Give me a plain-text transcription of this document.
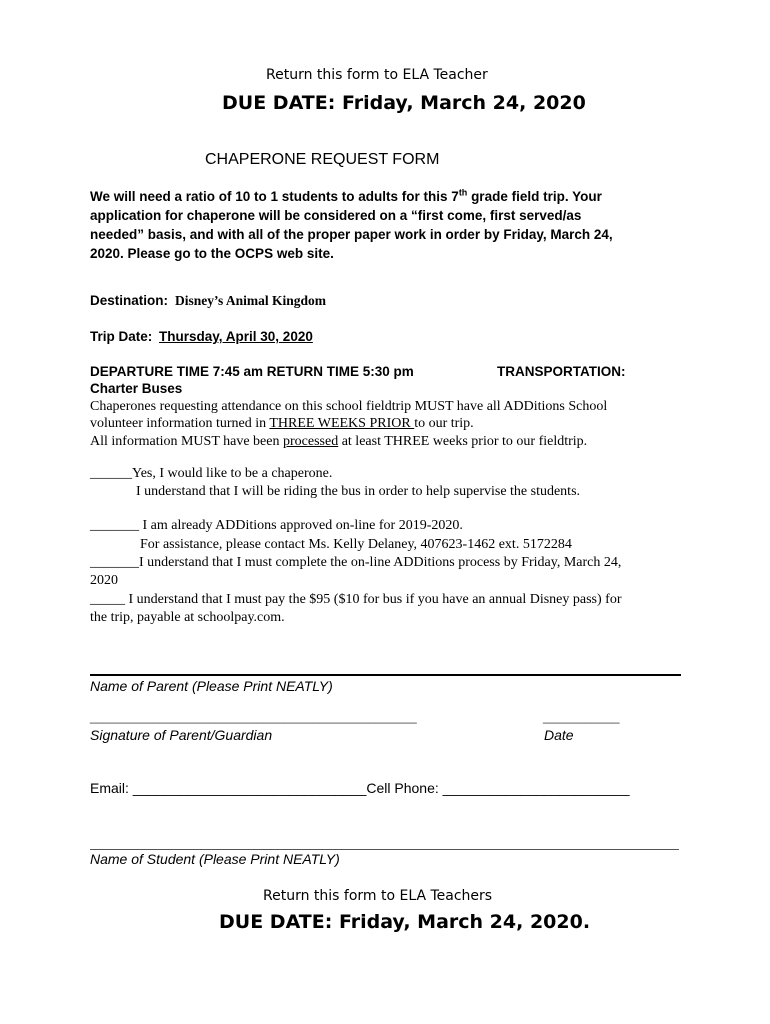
Return this form to ELA Teacher
DUE DATE: Friday, March 24, 2020
CHAPERONE REQUEST FORM
We will need a ratio of 10 to 1 students to adults for this 7th grade field trip. Your
application for chaperone will be considered on a “first come, first served/as
needed” basis, and with all of the proper paper work in order by Friday, March 24,
2020. Please go to the OCPS web site.
Destination: Disney’s Animal Kingdom
Trip Date: Thursday, April 30, 2020
DEPARTURE TIME 7:45 am RETURN TIME 5:30 pm	TRANSPORTATION:
Charter Buses
Chaperones requesting attendance on this school fieldtrip MUST have all ADDitions School
volunteer information turned in THREE WEEKS PRIOR to our trip.
All information MUST have been processed at least THREE weeks prior to our fieldtrip.
______Yes, I would like to be a chaperone.
I understand that I will be riding the bus in order to help supervise the students.
_______ I am already ADDitions approved on-line for 2019-2020.
For assistance, please contact Ms. Kelly Delaney, 407623-1462 ext. 5172284
_______I understand that I must complete the on-line ADDitions process by Friday, March 24,
2020
_____ I understand that I must pay the $95 ($10 for bus if you have an annual Disney pass) for
the trip, payable at schoolpay.com.
Name of Parent (Please Print NEATLY)
_______________________________________________	___________
Signature of Parent/Guardian	Date
Email: ______________________________Cell Phone: ________________________
Name of Student (Please Print NEATLY)
Return this form to ELA Teachers
DUE DATE: Friday, March 24, 2020.
